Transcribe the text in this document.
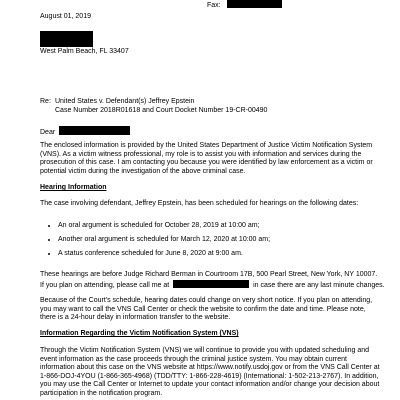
Fax:
August 01, 2019
West Palm Beach, FL 33407
Re: United States v. Defendant(s) Jeffrey Epstein
Case Number 2018R01618 and Court Docket Number 19-CR-00490
Dear
The enclosed information is provided by the United States Department of Justice Victim Notification System (VNS). As a victim witness professional, my role is to assist you with information and services during the prosecution of this case. I am contacting you because you were identified by law enforcement as a victim or potential victim during the investigation of the above criminal case.
Hearing Information
The case involving defendant, Jeffrey Epstein, has been scheduled for hearings on the following dates:
• An oral argument is scheduled for October 28, 2019 at 10:00 am;
• Another oral argument is scheduled for March 12, 2020 at 10:00 am;
• A status conference scheduled for June 8, 2020 at 9:00 am.
These hearings are before Judge Richard Berman in Courtroom 17B, 500 Pearl Street, New York, NY 10007.
If you plan on attending, please call me at	in case there are any last minute changes.
Because of the Court's schedule, hearing dates could change on very short notice. If you plan on attending, you may want to call the VNS Call Center or check the website to confirm the date and time. Please note, there is a 24-hour delay in information transfer to the website.
Information Regarding the Victim Notification System (VNS)
Through the Victim Notification System (VNS) we will continue to provide you with updated scheduling and event information as the case proceeds through the criminal justice system. You may obtain current information about this case on the VNS website at https://www.notify.usdoj.gov or from the VNS Call Center at 1-866-DOJ-4YOU (1-866-365-4968) (TDD/TTY: 1-866-228-4619) (International: 1-502-213-2767). In addition, you may use the Call Center or Internet to update your contact information and/or change your decision about participation in the notification program.
